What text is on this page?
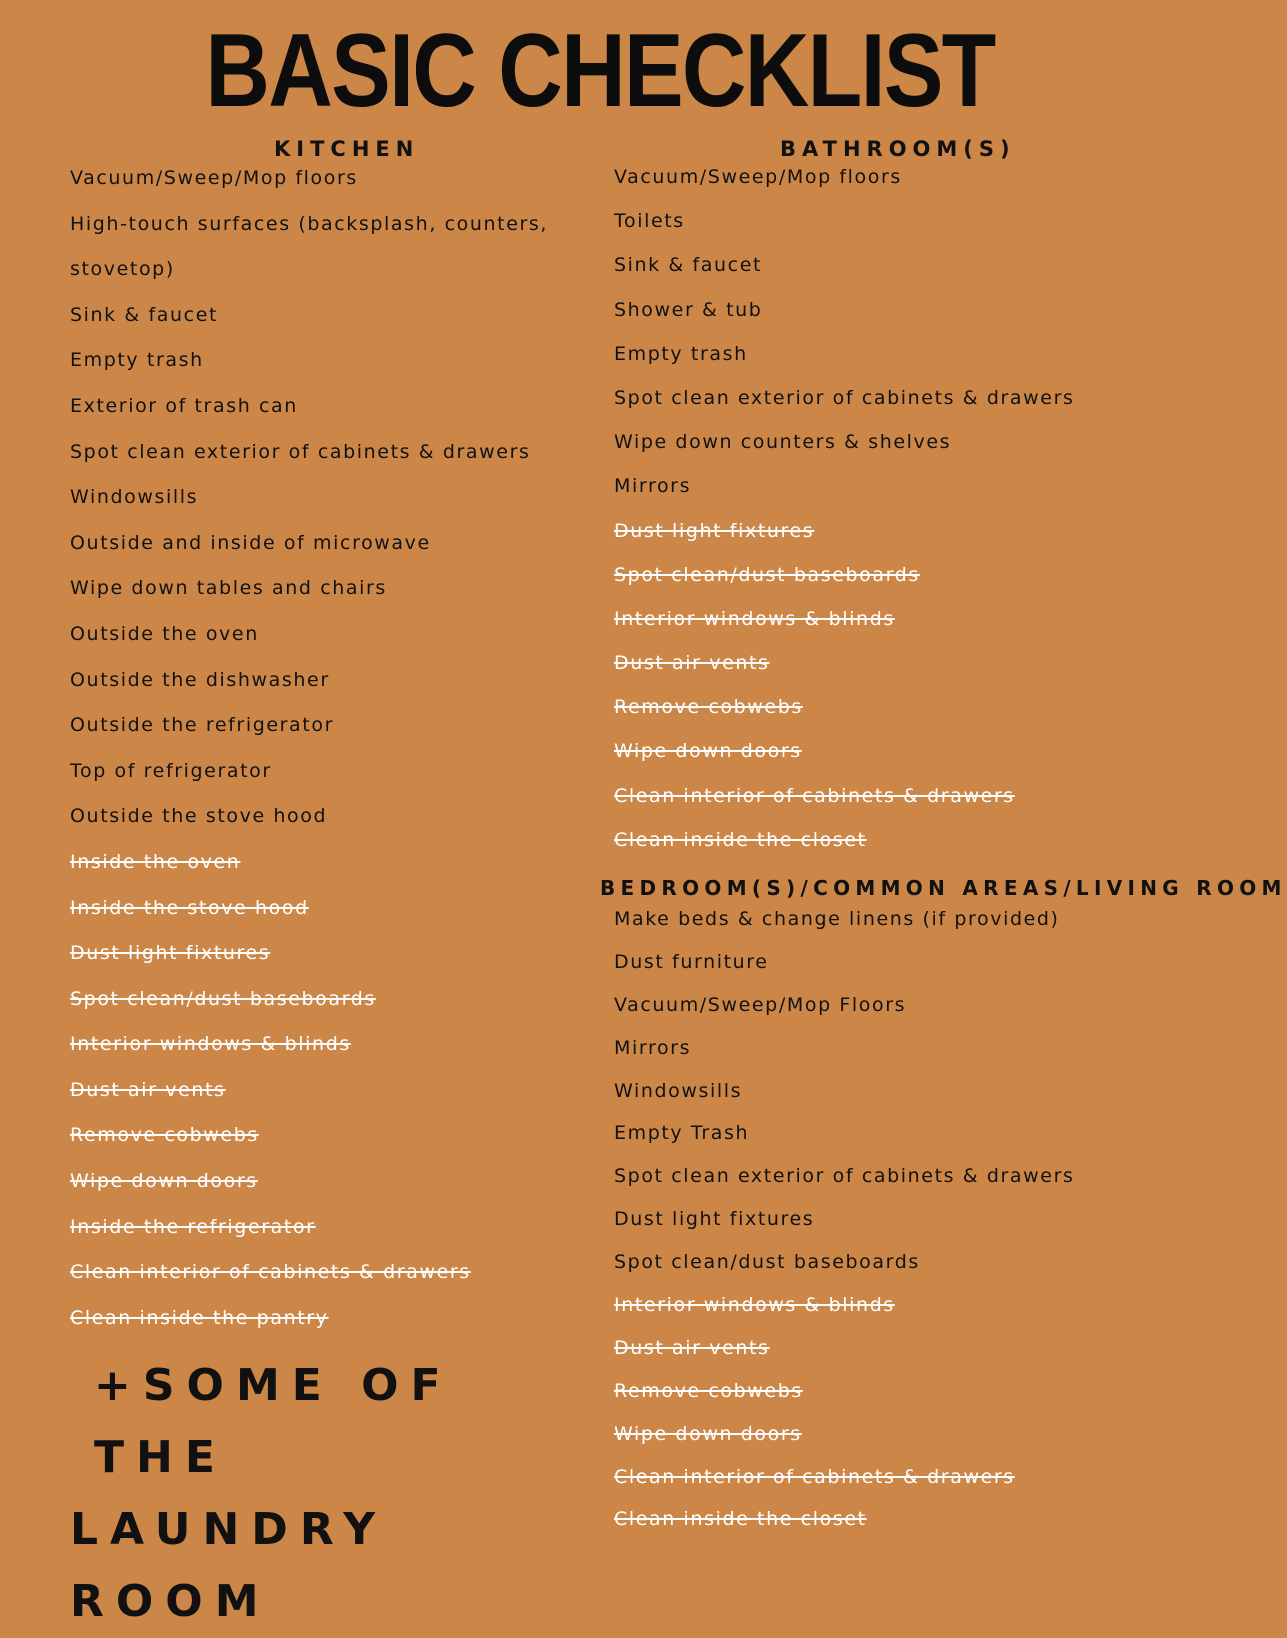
BASIC CHECKLIST
KITCHEN
Vacuum/Sweep/Mop floors
High-touch surfaces (backsplash, counters,
stovetop)
Sink & faucet
Empty trash
Exterior of trash can
Spot clean exterior of cabinets & drawers
Windowsills
Outside and inside of microwave
Wipe down tables and chairs
Outside the oven
Outside the dishwasher
Outside the refrigerator
Top of refrigerator
Outside the stove hood
Inside the oven
Inside the stove hood
Dust light fixtures
Spot clean/dust baseboards
Interior windows & blinds
Dust air vents
Remove cobwebs
Wipe down doors
Inside the refrigerator
Clean interior of cabinets & drawers
Clean inside the pantry
+SOME OF THE
LAUNDRY ROOM
BATHROOM(S)
Vacuum/Sweep/Mop floors
Toilets
Sink & faucet
Shower & tub
Empty trash
Spot clean exterior of cabinets & drawers
Wipe down counters & shelves
Mirrors
Dust light fixtures
Spot clean/dust baseboards
Interior windows & blinds
Dust air vents
Remove cobwebs
Wipe down doors
Clean interior of cabinets & drawers
Clean inside the closet
BEDROOM(S)/COMMON AREAS/LIVING ROOM
Make beds & change linens (if provided)
Dust furniture
Vacuum/Sweep/Mop Floors
Mirrors
Windowsills
Empty Trash
Spot clean exterior of cabinets & drawers
Dust light fixtures
Spot clean/dust baseboards
Interior windows & blinds
Dust air vents
Remove cobwebs
Wipe down doors
Clean interior of cabinets & drawers
Clean inside the closet
